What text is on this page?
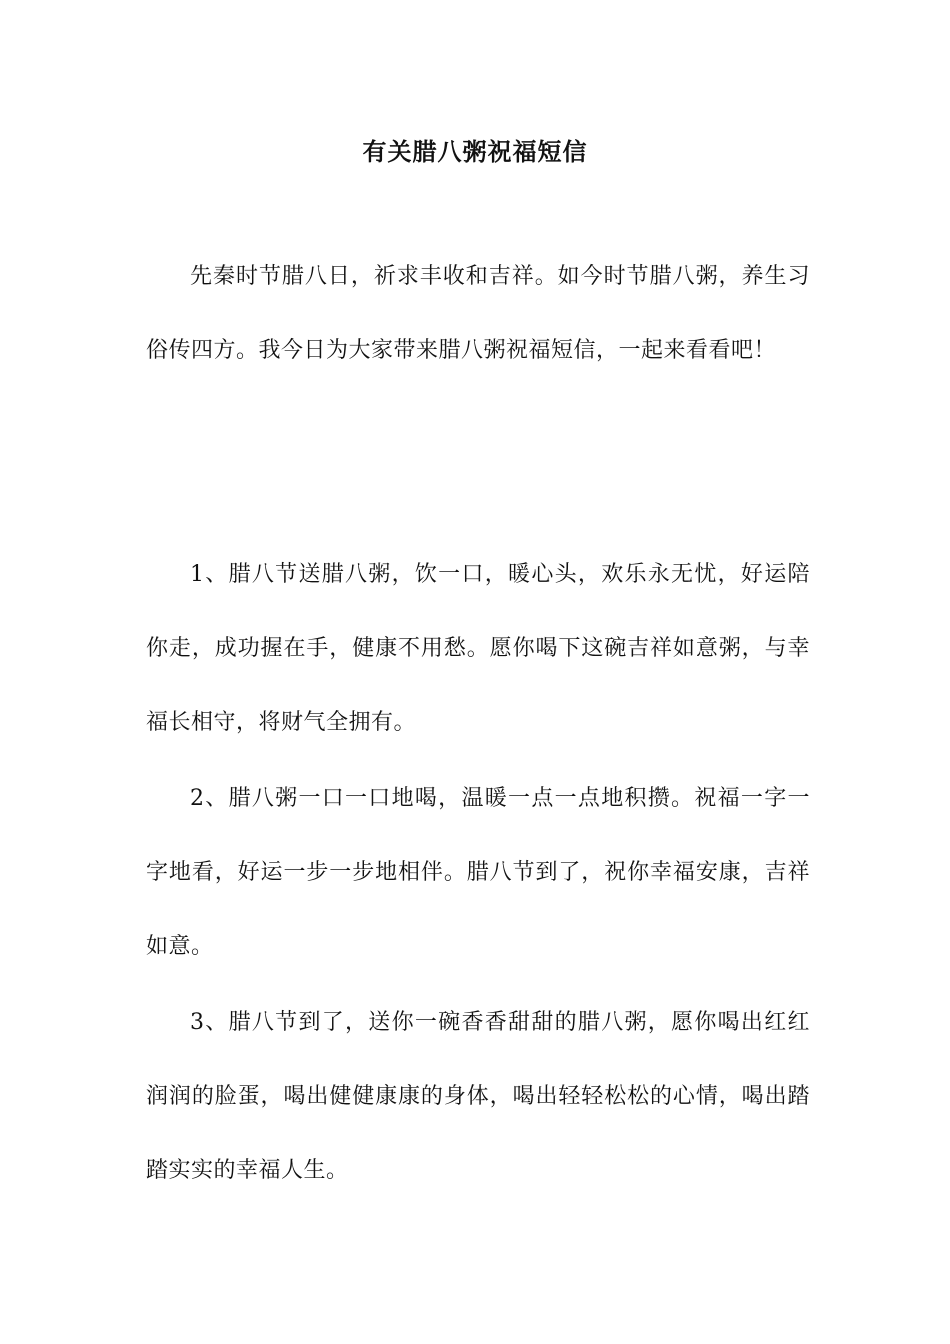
有关腊八粥祝福短信

先秦时节腊八日，祈求丰收和吉祥。如今时节腊八粥，养生习俗传四方。我今日为大家带来腊八粥祝福短信，一起来看看吧！

1、腊八节送腊八粥，饮一口，暖心头，欢乐永无忧，好运陪你走，成功握在手，健康不用愁。愿你喝下这碗吉祥如意粥，与幸福长相守，将财气全拥有。

2、腊八粥一口一口地喝，温暖一点一点地积攒。祝福一字一字地看，好运一步一步地相伴。腊八节到了，祝你幸福安康，吉祥如意。

3、腊八节到了，送你一碗香香甜甜的腊八粥，愿你喝出红红润润的脸蛋，喝出健健康康的身体，喝出轻轻松松的心情，喝出踏踏实实的幸福人生。
